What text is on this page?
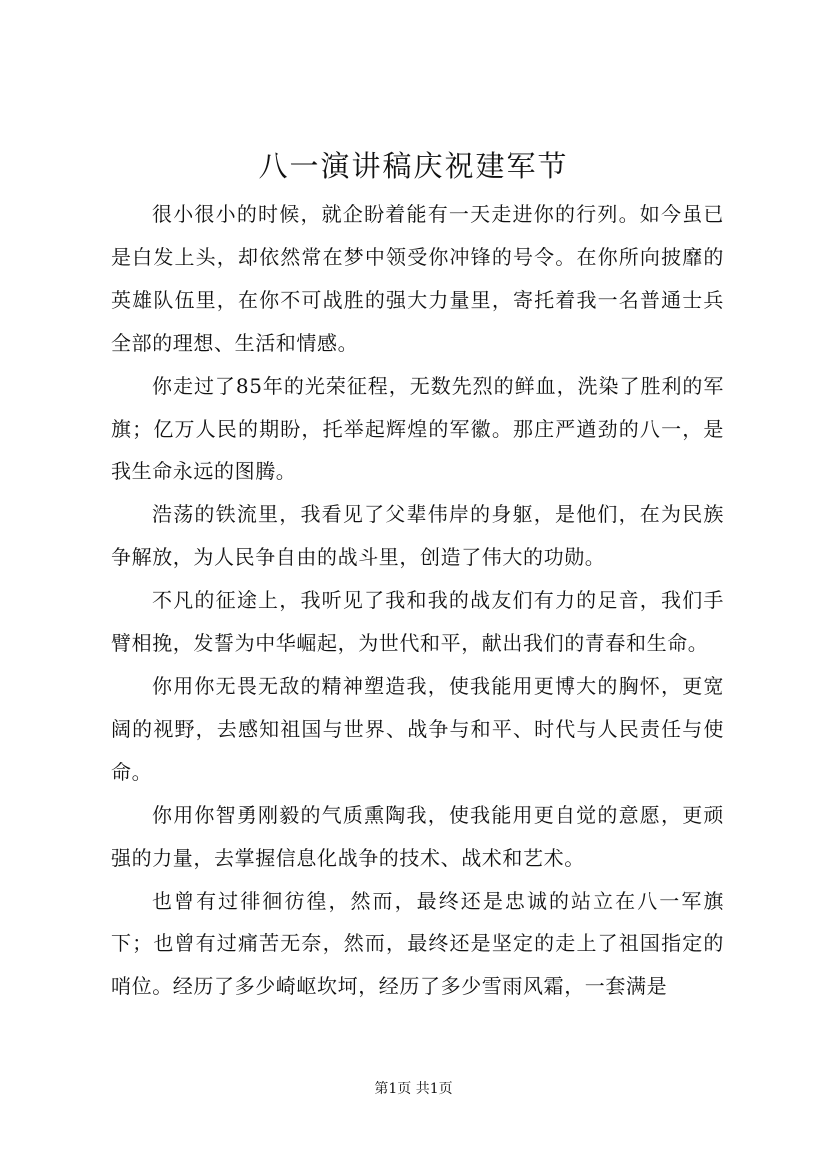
八一演讲稿庆祝建军节

很小很小的时候，就企盼着能有一天走进你的行列。如今虽已是白发上头，却依然常在梦中领受你冲锋的号令。在你所向披靡的英雄队伍里，在你不可战胜的强大力量里，寄托着我一名普通士兵全部的理想、生活和情感。

你走过了85年的光荣征程，无数先烈的鲜血，洗染了胜利的军旗；亿万人民的期盼，托举起辉煌的军徽。那庄严遒劲的八一，是我生命永远的图腾。

浩荡的铁流里，我看见了父辈伟岸的身躯，是他们，在为民族争解放，为人民争自由的战斗里，创造了伟大的功勋。

不凡的征途上，我听见了我和我的战友们有力的足音，我们手臂相挽，发誓为中华崛起，为世代和平，献出我们的青春和生命。

你用你无畏无敌的精神塑造我，使我能用更博大的胸怀，更宽阔的视野，去感知祖国与世界、战争与和平、时代与人民责任与使命。

你用你智勇刚毅的气质熏陶我，使我能用更自觉的意愿，更顽强的力量，去掌握信息化战争的技术、战术和艺术。

也曾有过徘徊彷徨，然而，最终还是忠诚的站立在八一军旗下；也曾有过痛苦无奈，然而，最终还是坚定的走上了祖国指定的哨位。经历了多少崎岖坎坷，经历了多少雪雨风霜，一套满是

第1页 共1页
